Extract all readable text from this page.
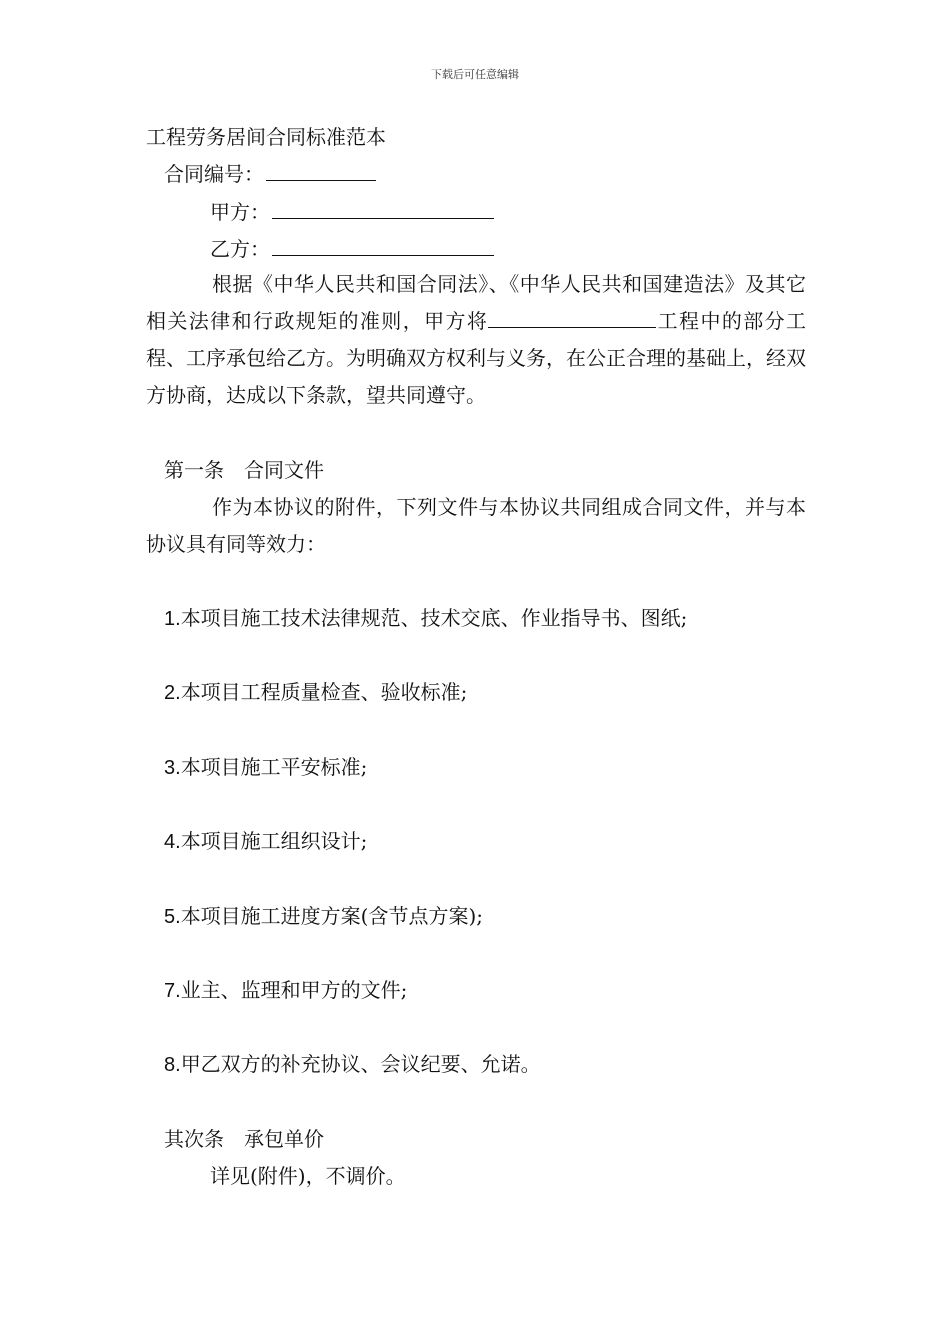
下载后可任意编辑
工程劳务居间合同标准范本
合同编号：
甲方：
乙方：
根据《中华人民共和国合同法》、《中华人民共和国建造法》及其它相关法律和行政规矩的准则，甲方将	工程中的部分工程、工序承包给乙方。为明确双方权利与义务，在公正合理的基础上，经双方协商，达成以下条款，望共同遵守。
第一条　合同文件
作为本协议的附件，下列文件与本协议共同组成合同文件，并与本协议具有同等效力：
1.本项目施工技术法律规范、技术交底、作业指导书、图纸;
2.本项目工程质量检查、验收标准;
3.本项目施工平安标准;
4.本项目施工组织设计;
5.本项目施工进度方案(含节点方案);
7.业主、监理和甲方的文件;
8.甲乙双方的补充协议、会议纪要、允诺。
其次条　承包单价
详见(附件)，不调价。
